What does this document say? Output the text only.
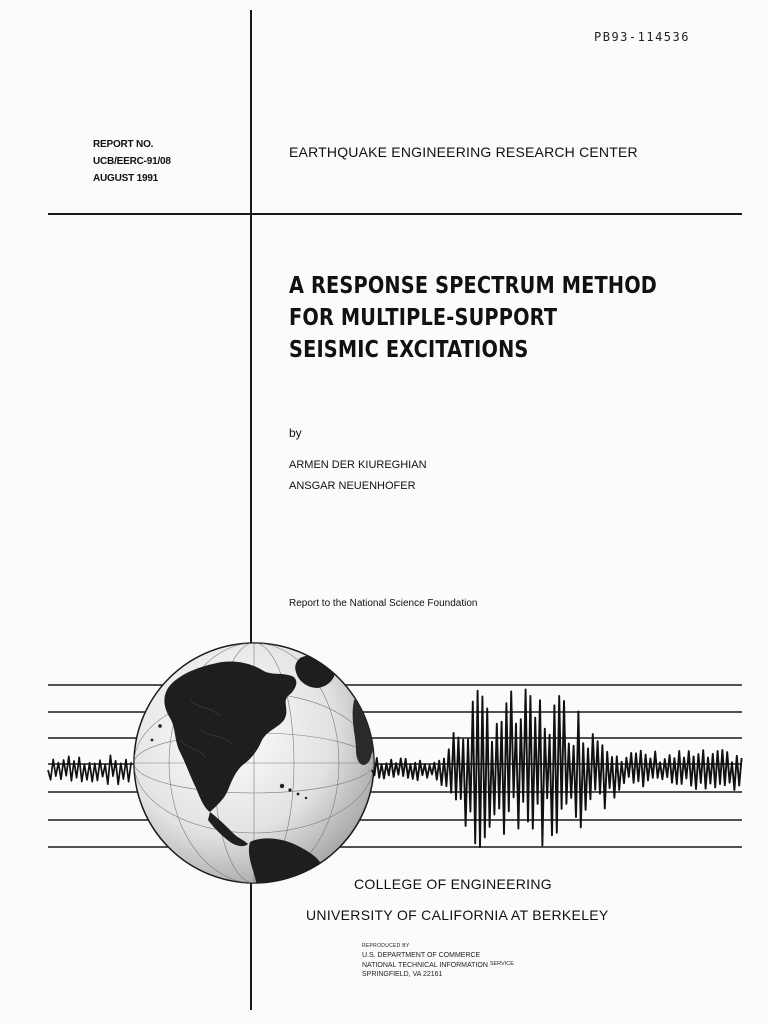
PB93-114536
REPORT NO.
UCB/EERC-91/08
AUGUST 1991
EARTHQUAKE ENGINEERING RESEARCH CENTER
A RESPONSE SPECTRUM METHOD
FOR MULTIPLE-SUPPORT
SEISMIC EXCITATIONS
by
ARMEN DER KIUREGHIAN
ANSGAR NEUENHOFER
Report to the National Science Foundation
COLLEGE OF ENGINEERING
UNIVERSITY OF CALIFORNIA AT BERKELEY
REPRODUCED BY
U.S. DEPARTMENT OF COMMERCE
NATIONAL TECHNICAL INFORMATION $^{SERVICE}$
SPRINGFIELD, VA 22161
